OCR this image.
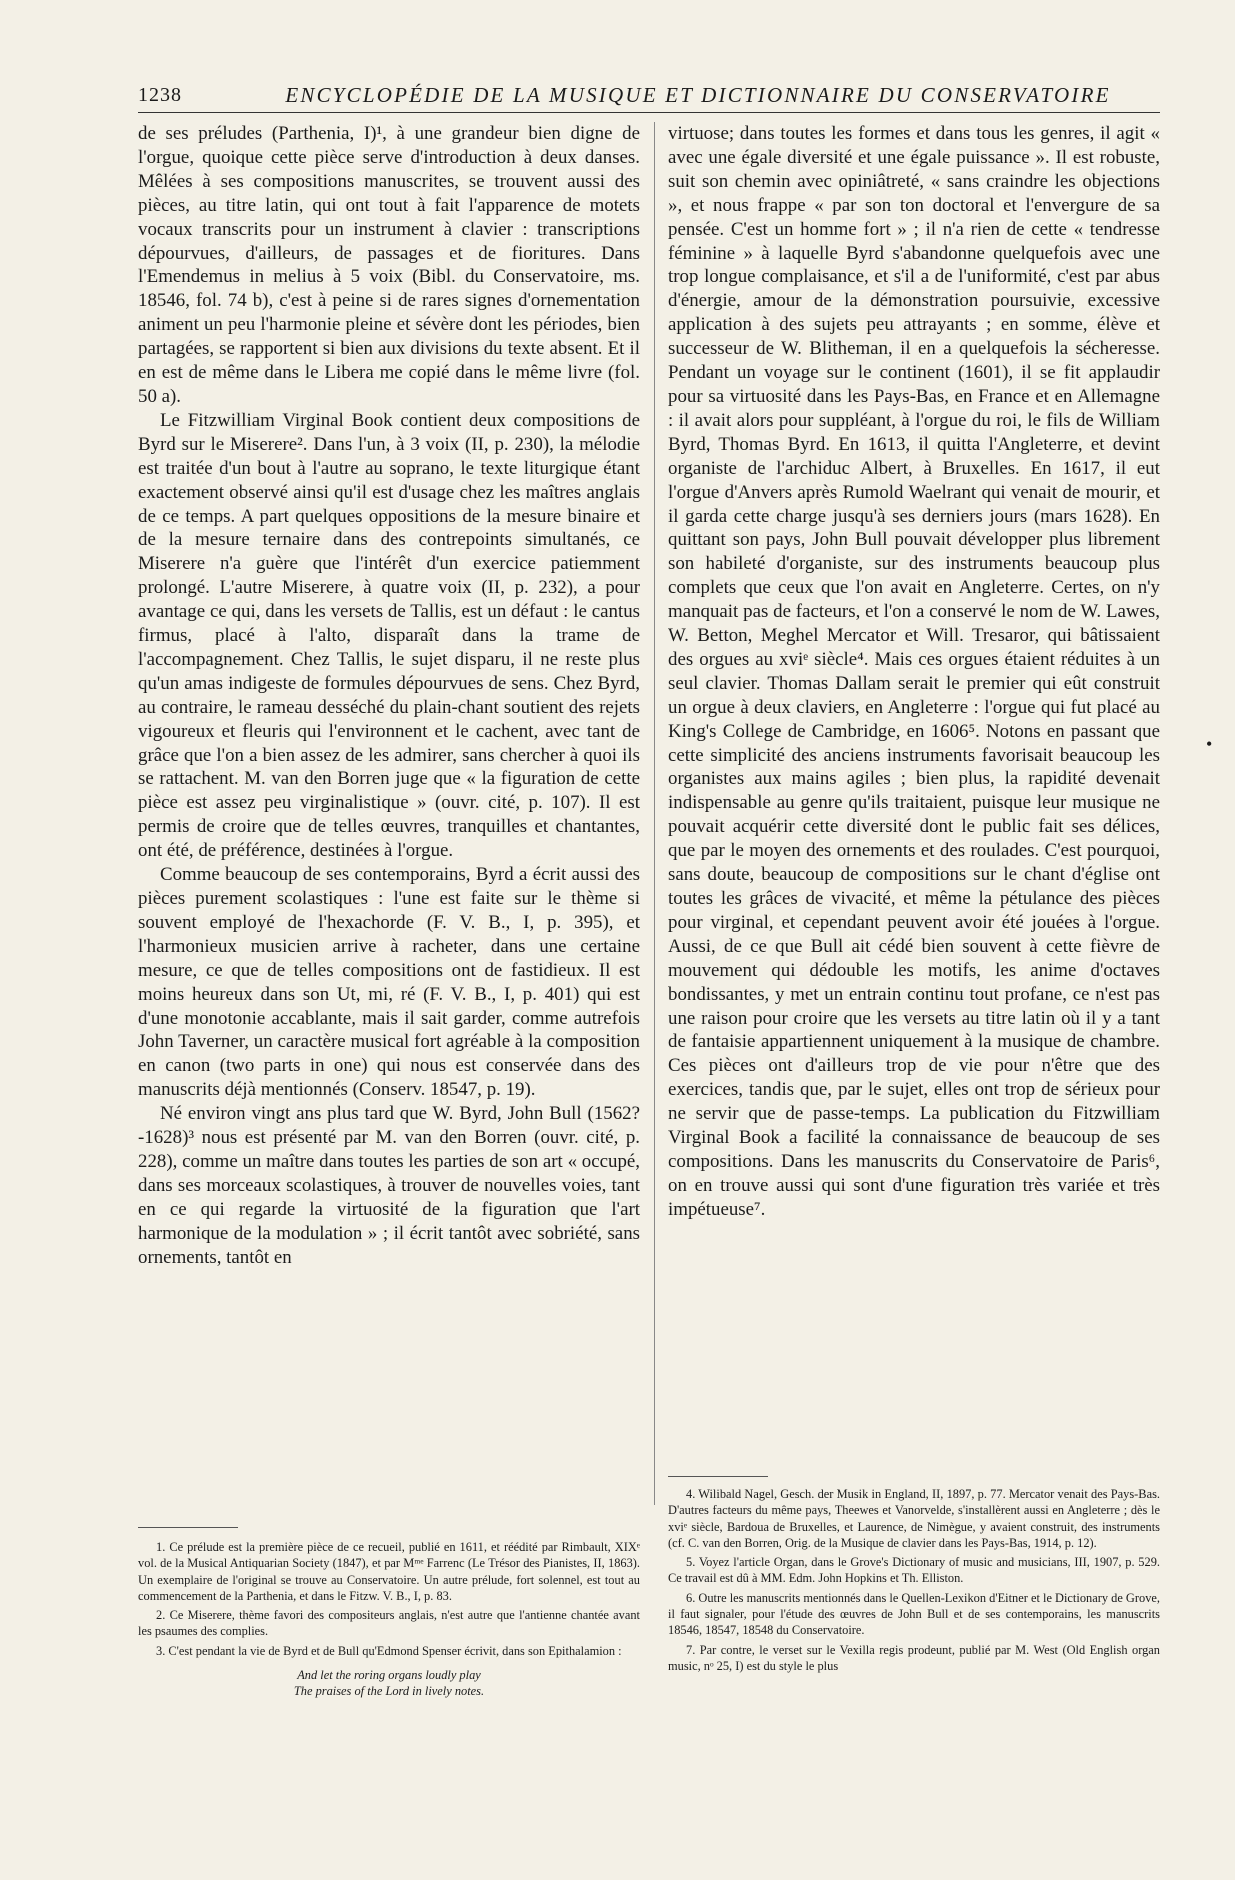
1238	ENCYCLOPÉDIE DE LA MUSIQUE ET DICTIONNAIRE DU CONSERVATOIRE

de ses préludes (Parthenia, I)¹, à une grandeur bien digne de l'orgue, quoique cette pièce serve d'introduction à deux danses. Mêlées à ses compositions manuscrites, se trouvent aussi des pièces, au titre latin, qui ont tout à fait l'apparence de motets vocaux transcrits pour un instrument à clavier : transcriptions dépourvues, d'ailleurs, de passages et de fioritures. Dans l'Emendemus in melius à 5 voix (Bibl. du Conservatoire, ms. 18546, fol. 74 b), c'est à peine si de rares signes d'ornementation animent un peu l'harmonie pleine et sévère dont les périodes, bien partagées, se rapportent si bien aux divisions du texte absent. Et il en est de même dans le Libera me copié dans le même livre (fol. 50 a).

Le Fitzwilliam Virginal Book contient deux compositions de Byrd sur le Miserere². Dans l'un, à 3 voix (II, p. 230), la mélodie est traitée d'un bout à l'autre au soprano, le texte liturgique étant exactement observé ainsi qu'il est d'usage chez les maîtres anglais de ce temps. A part quelques oppositions de la mesure binaire et de la mesure ternaire dans des contrepoints simultanés, ce Miserere n'a guère que l'intérêt d'un exercice patiemment prolongé. L'autre Miserere, à quatre voix (II, p. 232), a pour avantage ce qui, dans les versets de Tallis, est un défaut : le cantus firmus, placé à l'alto, disparaît dans la trame de l'accompagnement. Chez Tallis, le sujet disparu, il ne reste plus qu'un amas indigeste de formules dépourvues de sens. Chez Byrd, au contraire, le rameau desséché du plain-chant soutient des rejets vigoureux et fleuris qui l'environnent et le cachent, avec tant de grâce que l'on a bien assez de les admirer, sans chercher à quoi ils se rattachent. M. van den Borren juge que « la figuration de cette pièce est assez peu virginalistique » (ouvr. cité, p. 107). Il est permis de croire que de telles œuvres, tranquilles et chantantes, ont été, de préférence, destinées à l'orgue.

Comme beaucoup de ses contemporains, Byrd a écrit aussi des pièces purement scolastiques : l'une est faite sur le thème si souvent employé de l'hexachorde (F. V. B., I, p. 395), et l'harmonieux musicien arrive à racheter, dans une certaine mesure, ce que de telles compositions ont de fastidieux. Il est moins heureux dans son Ut, mi, ré (F. V. B., I, p. 401) qui est d'une monotonie accablante, mais il sait garder, comme autrefois John Taverner, un caractère musical fort agréable à la composition en canon (two parts in one) qui nous est conservée dans des manuscrits déjà mentionnés (Conserv. 18547, p. 19).

Né environ vingt ans plus tard que W. Byrd, John Bull (1562?-1628)³ nous est présenté par M. van den Borren (ouvr. cité, p. 228), comme un maître dans toutes les parties de son art « occupé, dans ses morceaux scolastiques, à trouver de nouvelles voies, tant en ce qui regarde la virtuosité de la figuration que l'art harmonique de la modulation » ; il écrit tantôt avec sobriété, sans ornements, tantôt en

virtuose; dans toutes les formes et dans tous les genres, il agit « avec une égale diversité et une égale puissance ». Il est robuste, suit son chemin avec opiniâtreté, « sans craindre les objections », et nous frappe « par son ton doctoral et l'envergure de sa pensée. C'est un homme fort » ; il n'a rien de cette « tendresse féminine » à laquelle Byrd s'abandonne quelquefois avec une trop longue complaisance, et s'il a de l'uniformité, c'est par abus d'énergie, amour de la démonstration poursuivie, excessive application à des sujets peu attrayants ; en somme, élève et successeur de W. Blitheman, il en a quelquefois la sécheresse. Pendant un voyage sur le continent (1601), il se fit applaudir pour sa virtuosité dans les Pays-Bas, en France et en Allemagne : il avait alors pour suppléant, à l'orgue du roi, le fils de William Byrd, Thomas Byrd. En 1613, il quitta l'Angleterre, et devint organiste de l'archiduc Albert, à Bruxelles. En 1617, il eut l'orgue d'Anvers après Rumold Waelrant qui venait de mourir, et il garda cette charge jusqu'à ses derniers jours (mars 1628). En quittant son pays, John Bull pouvait développer plus librement son habileté d'organiste, sur des instruments beaucoup plus complets que ceux que l'on avait en Angleterre. Certes, on n'y manquait pas de facteurs, et l'on a conservé le nom de W. Lawes, W. Betton, Meghel Mercator et Will. Tresaror, qui bâtissaient des orgues au xviᵉ siècle⁴. Mais ces orgues étaient réduites à un seul clavier. Thomas Dallam serait le premier qui eût construit un orgue à deux claviers, en Angleterre : l'orgue qui fut placé au King's College de Cambridge, en 1606⁵. Notons en passant que cette simplicité des anciens instruments favorisait beaucoup les organistes aux mains agiles ; bien plus, la rapidité devenait indispensable au genre qu'ils traitaient, puisque leur musique ne pouvait acquérir cette diversité dont le public fait ses délices, que par le moyen des ornements et des roulades. C'est pourquoi, sans doute, beaucoup de compositions sur le chant d'église ont toutes les grâces de vivacité, et même la pétulance des pièces pour virginal, et cependant peuvent avoir été jouées à l'orgue. Aussi, de ce que Bull ait cédé bien souvent à cette fièvre de mouvement qui dédouble les motifs, les anime d'octaves bondissantes, y met un entrain continu tout profane, ce n'est pas une raison pour croire que les versets au titre latin où il y a tant de fantaisie appartiennent uniquement à la musique de chambre. Ces pièces ont d'ailleurs trop de vie pour n'être que des exercices, tandis que, par le sujet, elles ont trop de sérieux pour ne servir que de passe-temps. La publication du Fitzwilliam Virginal Book a facilité la connaissance de beaucoup de ses compositions. Dans les manuscrits du Conservatoire de Paris⁶, on en trouve aussi qui sont d'une figuration très variée et très impétueuse⁷.

•

1. Ce prélude est la première pièce de ce recueil, publié en 1611, et réédité par Rimbault, XIXᵉ vol. de la Musical Antiquarian Society (1847), et par Mᵐᵉ Farrenc (Le Trésor des Pianistes, II, 1863). Un exemplaire de l'original se trouve au Conservatoire. Un autre prélude, fort solennel, est tout au commencement de la Parthenia, et dans le Fitzw. V. B., I, p. 83.

2. Ce Miserere, thème favori des compositeurs anglais, n'est autre que l'antienne chantée avant les psaumes des complies.

3. C'est pendant la vie de Byrd et de Bull qu'Edmond Spenser écrivit, dans son Epithalamion :

And let the roring organs loudly play
The praises of the Lord in lively notes.

4. Wilibald Nagel, Gesch. der Musik in England, II, 1897, p. 77. Mercator venait des Pays-Bas. D'autres facteurs du même pays, Theewes et Vanorvelde, s'installèrent aussi en Angleterre ; dès le xviᵉ siècle, Bardoua de Bruxelles, et Laurence, de Nimègue, y avaient construit, des instruments (cf. C. van den Borren, Orig. de la Musique de clavier dans les Pays-Bas, 1914, p. 12).

5. Voyez l'article Organ, dans le Grove's Dictionary of music and musicians, III, 1907, p. 529. Ce travail est dû à MM. Edm. John Hopkins et Th. Elliston.

6. Outre les manuscrits mentionnés dans le Quellen-Lexikon d'Eitner et le Dictionary de Grove, il faut signaler, pour l'étude des œuvres de John Bull et de ses contemporains, les manuscrits 18546, 18547, 18548 du Conservatoire.

7. Par contre, le verset sur le Vexilla regis prodeunt, publié par M. West (Old English organ music, nᵒ 25, I) est du style le plus
